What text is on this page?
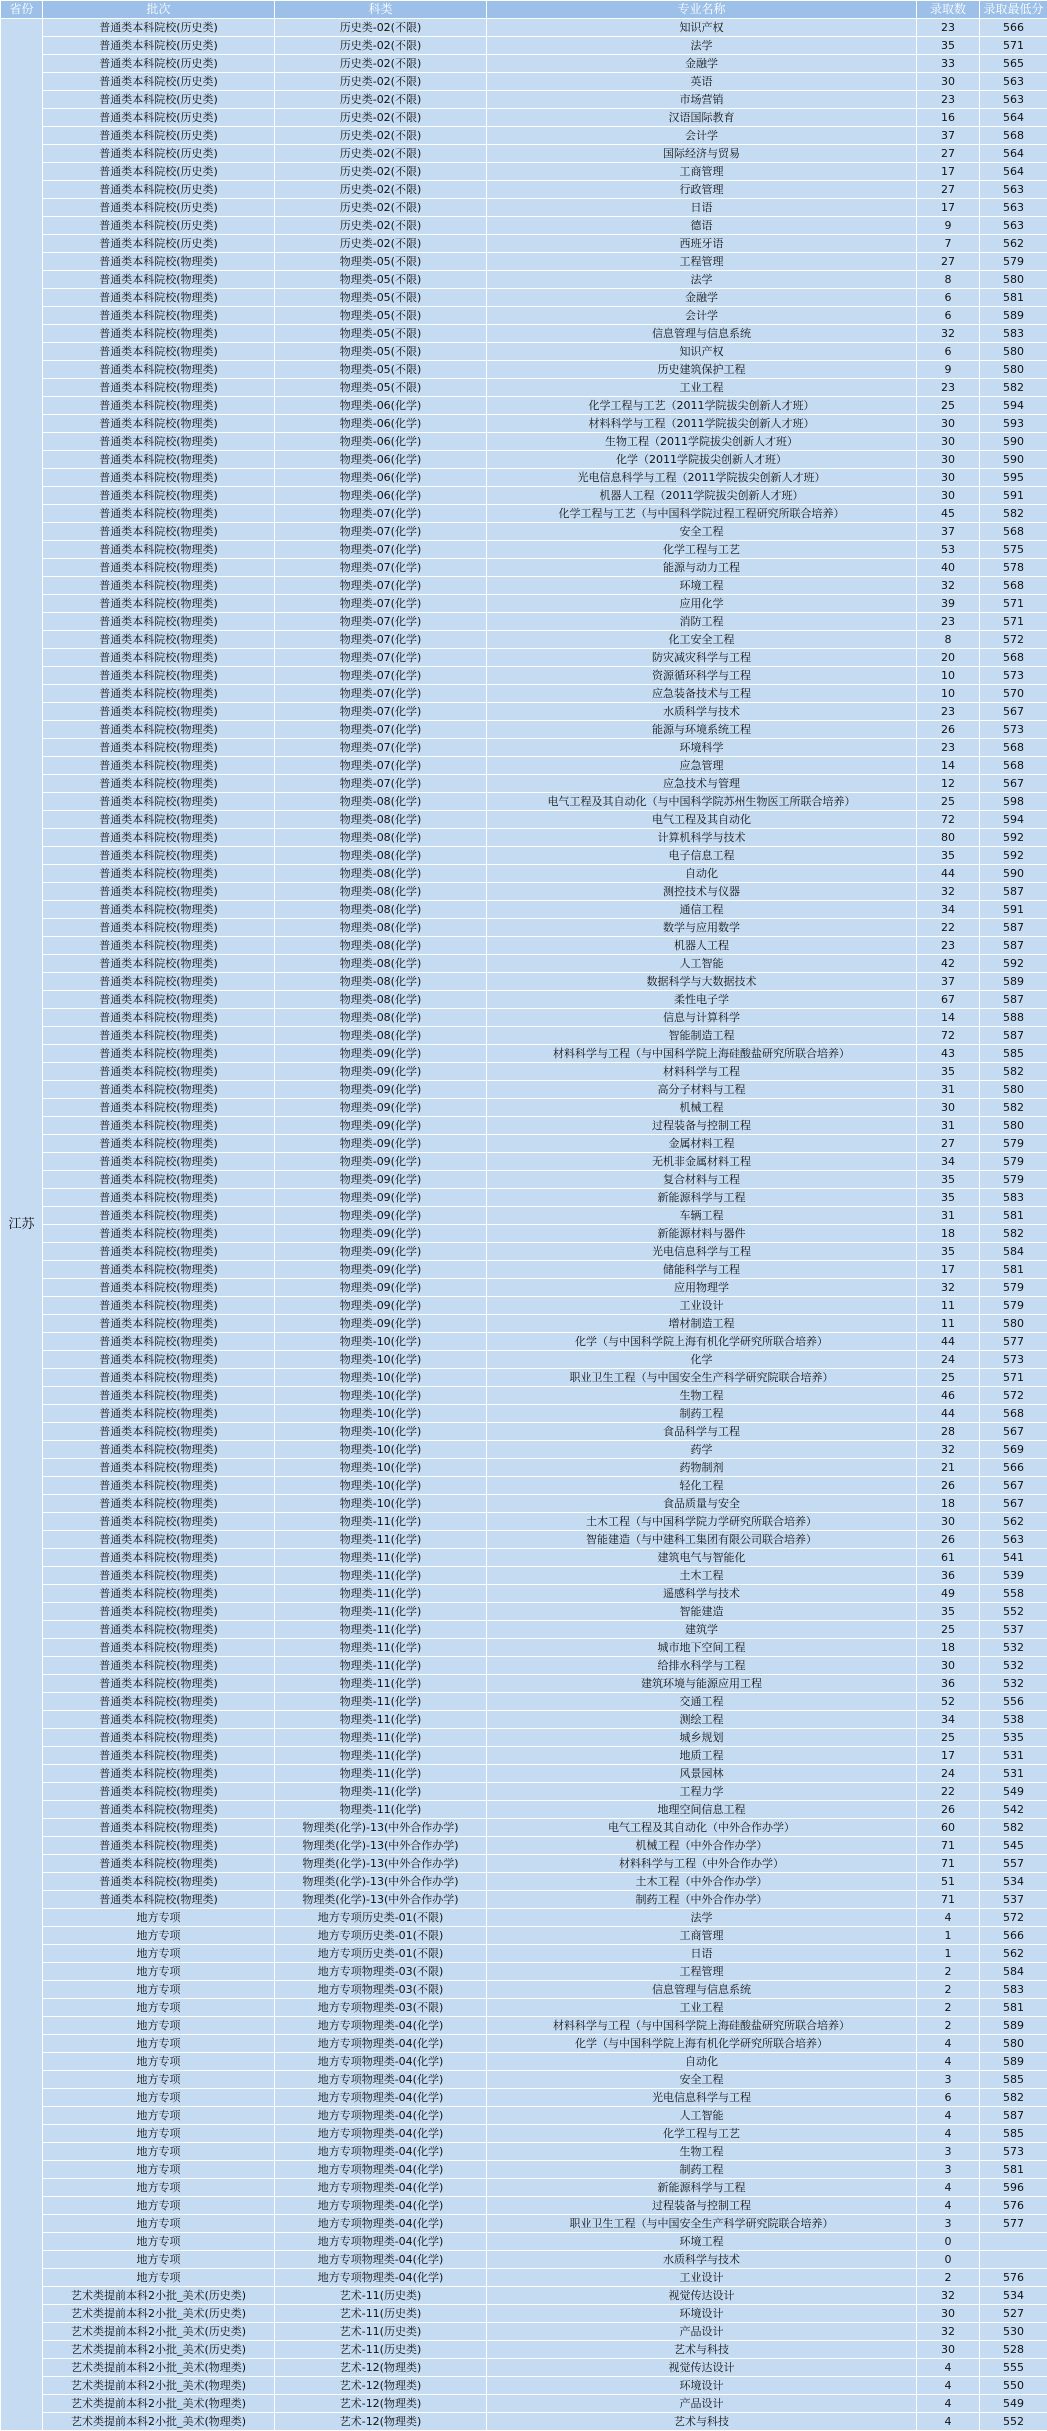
省份	批次	科类	专业名称	录取数	录取最低分
江苏	普通类本科院校(历史类)	历史类-02(不限)	知识产权	23	566
	普通类本科院校(历史类)	历史类-02(不限)	法学	35	571
	普通类本科院校(历史类)	历史类-02(不限)	金融学	33	565
	普通类本科院校(历史类)	历史类-02(不限)	英语	30	563
	普通类本科院校(历史类)	历史类-02(不限)	市场营销	23	563
	普通类本科院校(历史类)	历史类-02(不限)	汉语国际教育	16	564
	普通类本科院校(历史类)	历史类-02(不限)	会计学	37	568
	普通类本科院校(历史类)	历史类-02(不限)	国际经济与贸易	27	564
	普通类本科院校(历史类)	历史类-02(不限)	工商管理	17	564
	普通类本科院校(历史类)	历史类-02(不限)	行政管理	27	563
	普通类本科院校(历史类)	历史类-02(不限)	日语	17	563
	普通类本科院校(历史类)	历史类-02(不限)	德语	9	563
	普通类本科院校(历史类)	历史类-02(不限)	西班牙语	7	562
	普通类本科院校(物理类)	物理类-05(不限)	工程管理	27	579
	普通类本科院校(物理类)	物理类-05(不限)	法学	8	580
	普通类本科院校(物理类)	物理类-05(不限)	金融学	6	581
	普通类本科院校(物理类)	物理类-05(不限)	会计学	6	589
	普通类本科院校(物理类)	物理类-05(不限)	信息管理与信息系统	32	583
	普通类本科院校(物理类)	物理类-05(不限)	知识产权	6	580
	普通类本科院校(物理类)	物理类-05(不限)	历史建筑保护工程	9	580
	普通类本科院校(物理类)	物理类-05(不限)	工业工程	23	582
	普通类本科院校(物理类)	物理类-06(化学)	化学工程与工艺（2011学院拔尖创新人才班）	25	594
	普通类本科院校(物理类)	物理类-06(化学)	材料科学与工程（2011学院拔尖创新人才班）	30	593
	普通类本科院校(物理类)	物理类-06(化学)	生物工程（2011学院拔尖创新人才班）	30	590
	普通类本科院校(物理类)	物理类-06(化学)	化学（2011学院拔尖创新人才班）	30	590
	普通类本科院校(物理类)	物理类-06(化学)	光电信息科学与工程（2011学院拔尖创新人才班）	30	595
	普通类本科院校(物理类)	物理类-06(化学)	机器人工程（2011学院拔尖创新人才班）	30	591
	普通类本科院校(物理类)	物理类-07(化学)	化学工程与工艺（与中国科学院过程工程研究所联合培养）	45	582
	普通类本科院校(物理类)	物理类-07(化学)	安全工程	37	568
	普通类本科院校(物理类)	物理类-07(化学)	化学工程与工艺	53	575
	普通类本科院校(物理类)	物理类-07(化学)	能源与动力工程	40	578
	普通类本科院校(物理类)	物理类-07(化学)	环境工程	32	568
	普通类本科院校(物理类)	物理类-07(化学)	应用化学	39	571
	普通类本科院校(物理类)	物理类-07(化学)	消防工程	23	571
	普通类本科院校(物理类)	物理类-07(化学)	化工安全工程	8	572
	普通类本科院校(物理类)	物理类-07(化学)	防灾减灾科学与工程	20	568
	普通类本科院校(物理类)	物理类-07(化学)	资源循环科学与工程	10	573
	普通类本科院校(物理类)	物理类-07(化学)	应急装备技术与工程	10	570
	普通类本科院校(物理类)	物理类-07(化学)	水质科学与技术	23	567
	普通类本科院校(物理类)	物理类-07(化学)	能源与环境系统工程	26	573
	普通类本科院校(物理类)	物理类-07(化学)	环境科学	23	568
	普通类本科院校(物理类)	物理类-07(化学)	应急管理	14	568
	普通类本科院校(物理类)	物理类-07(化学)	应急技术与管理	12	567
	普通类本科院校(物理类)	物理类-08(化学)	电气工程及其自动化（与中国科学院苏州生物医工所联合培养）	25	598
	普通类本科院校(物理类)	物理类-08(化学)	电气工程及其自动化	72	594
	普通类本科院校(物理类)	物理类-08(化学)	计算机科学与技术	80	592
	普通类本科院校(物理类)	物理类-08(化学)	电子信息工程	35	592
	普通类本科院校(物理类)	物理类-08(化学)	自动化	44	590
	普通类本科院校(物理类)	物理类-08(化学)	测控技术与仪器	32	587
	普通类本科院校(物理类)	物理类-08(化学)	通信工程	34	591
	普通类本科院校(物理类)	物理类-08(化学)	数学与应用数学	22	587
	普通类本科院校(物理类)	物理类-08(化学)	机器人工程	23	587
	普通类本科院校(物理类)	物理类-08(化学)	人工智能	42	592
	普通类本科院校(物理类)	物理类-08(化学)	数据科学与大数据技术	37	589
	普通类本科院校(物理类)	物理类-08(化学)	柔性电子学	67	587
	普通类本科院校(物理类)	物理类-08(化学)	信息与计算科学	14	588
	普通类本科院校(物理类)	物理类-08(化学)	智能制造工程	72	587
	普通类本科院校(物理类)	物理类-09(化学)	材料科学与工程（与中国科学院上海硅酸盐研究所联合培养）	43	585
	普通类本科院校(物理类)	物理类-09(化学)	材料科学与工程	35	582
	普通类本科院校(物理类)	物理类-09(化学)	高分子材料与工程	31	580
	普通类本科院校(物理类)	物理类-09(化学)	机械工程	30	582
	普通类本科院校(物理类)	物理类-09(化学)	过程装备与控制工程	31	580
	普通类本科院校(物理类)	物理类-09(化学)	金属材料工程	27	579
	普通类本科院校(物理类)	物理类-09(化学)	无机非金属材料工程	34	579
	普通类本科院校(物理类)	物理类-09(化学)	复合材料与工程	35	579
	普通类本科院校(物理类)	物理类-09(化学)	新能源科学与工程	35	583
	普通类本科院校(物理类)	物理类-09(化学)	车辆工程	31	581
	普通类本科院校(物理类)	物理类-09(化学)	新能源材料与器件	18	582
	普通类本科院校(物理类)	物理类-09(化学)	光电信息科学与工程	35	584
	普通类本科院校(物理类)	物理类-09(化学)	储能科学与工程	17	581
	普通类本科院校(物理类)	物理类-09(化学)	应用物理学	32	579
	普通类本科院校(物理类)	物理类-09(化学)	工业设计	11	579
	普通类本科院校(物理类)	物理类-09(化学)	增材制造工程	11	580
	普通类本科院校(物理类)	物理类-10(化学)	化学（与中国科学院上海有机化学研究所联合培养）	44	577
	普通类本科院校(物理类)	物理类-10(化学)	化学	24	573
	普通类本科院校(物理类)	物理类-10(化学)	职业卫生工程（与中国安全生产科学研究院联合培养）	25	571
	普通类本科院校(物理类)	物理类-10(化学)	生物工程	46	572
	普通类本科院校(物理类)	物理类-10(化学)	制药工程	44	568
	普通类本科院校(物理类)	物理类-10(化学)	食品科学与工程	28	567
	普通类本科院校(物理类)	物理类-10(化学)	药学	32	569
	普通类本科院校(物理类)	物理类-10(化学)	药物制剂	21	566
	普通类本科院校(物理类)	物理类-10(化学)	轻化工程	26	567
	普通类本科院校(物理类)	物理类-10(化学)	食品质量与安全	18	567
	普通类本科院校(物理类)	物理类-11(化学)	土木工程（与中国科学院力学研究所联合培养）	30	562
	普通类本科院校(物理类)	物理类-11(化学)	智能建造（与中建科工集团有限公司联合培养）	26	563
	普通类本科院校(物理类)	物理类-11(化学)	建筑电气与智能化	61	541
	普通类本科院校(物理类)	物理类-11(化学)	土木工程	36	539
	普通类本科院校(物理类)	物理类-11(化学)	遥感科学与技术	49	558
	普通类本科院校(物理类)	物理类-11(化学)	智能建造	35	552
	普通类本科院校(物理类)	物理类-11(化学)	建筑学	25	537
	普通类本科院校(物理类)	物理类-11(化学)	城市地下空间工程	18	532
	普通类本科院校(物理类)	物理类-11(化学)	给排水科学与工程	30	532
	普通类本科院校(物理类)	物理类-11(化学)	建筑环境与能源应用工程	36	532
	普通类本科院校(物理类)	物理类-11(化学)	交通工程	52	556
	普通类本科院校(物理类)	物理类-11(化学)	测绘工程	34	538
	普通类本科院校(物理类)	物理类-11(化学)	城乡规划	25	535
	普通类本科院校(物理类)	物理类-11(化学)	地质工程	17	531
	普通类本科院校(物理类)	物理类-11(化学)	风景园林	24	531
	普通类本科院校(物理类)	物理类-11(化学)	工程力学	22	549
	普通类本科院校(物理类)	物理类-11(化学)	地理空间信息工程	26	542
	普通类本科院校(物理类)	物理类(化学)-13(中外合作办学)	电气工程及其自动化（中外合作办学）	60	582
	普通类本科院校(物理类)	物理类(化学)-13(中外合作办学)	机械工程（中外合作办学）	71	545
	普通类本科院校(物理类)	物理类(化学)-13(中外合作办学)	材料科学与工程（中外合作办学）	71	557
	普通类本科院校(物理类)	物理类(化学)-13(中外合作办学)	土木工程（中外合作办学）	51	534
	普通类本科院校(物理类)	物理类(化学)-13(中外合作办学)	制药工程（中外合作办学）	71	537
	地方专项	地方专项历史类-01(不限)	法学	4	572
	地方专项	地方专项历史类-01(不限)	工商管理	1	566
	地方专项	地方专项历史类-01(不限)	日语	1	562
	地方专项	地方专项物理类-03(不限)	工程管理	2	584
	地方专项	地方专项物理类-03(不限)	信息管理与信息系统	2	583
	地方专项	地方专项物理类-03(不限)	工业工程	2	581
	地方专项	地方专项物理类-04(化学)	材料科学与工程（与中国科学院上海硅酸盐研究所联合培养）	2	589
	地方专项	地方专项物理类-04(化学)	化学（与中国科学院上海有机化学研究所联合培养）	4	580
	地方专项	地方专项物理类-04(化学)	自动化	4	589
	地方专项	地方专项物理类-04(化学)	安全工程	3	585
	地方专项	地方专项物理类-04(化学)	光电信息科学与工程	6	582
	地方专项	地方专项物理类-04(化学)	人工智能	4	587
	地方专项	地方专项物理类-04(化学)	化学工程与工艺	4	585
	地方专项	地方专项物理类-04(化学)	生物工程	3	573
	地方专项	地方专项物理类-04(化学)	制药工程	3	581
	地方专项	地方专项物理类-04(化学)	新能源科学与工程	4	596
	地方专项	地方专项物理类-04(化学)	过程装备与控制工程	4	576
	地方专项	地方专项物理类-04(化学)	职业卫生工程（与中国安全生产科学研究院联合培养）	3	577
	地方专项	地方专项物理类-04(化学)	环境工程	0	
	地方专项	地方专项物理类-04(化学)	水质科学与技术	0	
	地方专项	地方专项物理类-04(化学)	工业设计	2	576
	艺术类提前本科2小批_美术(历史类)	艺术-11(历史类)	视觉传达设计	32	534
	艺术类提前本科2小批_美术(历史类)	艺术-11(历史类)	环境设计	30	527
	艺术类提前本科2小批_美术(历史类)	艺术-11(历史类)	产品设计	32	530
	艺术类提前本科2小批_美术(历史类)	艺术-11(历史类)	艺术与科技	30	528
	艺术类提前本科2小批_美术(物理类)	艺术-12(物理类)	视觉传达设计	4	555
	艺术类提前本科2小批_美术(物理类)	艺术-12(物理类)	环境设计	4	550
	艺术类提前本科2小批_美术(物理类)	艺术-12(物理类)	产品设计	4	549
	艺术类提前本科2小批_美术(物理类)	艺术-12(物理类)	艺术与科技	4	552
